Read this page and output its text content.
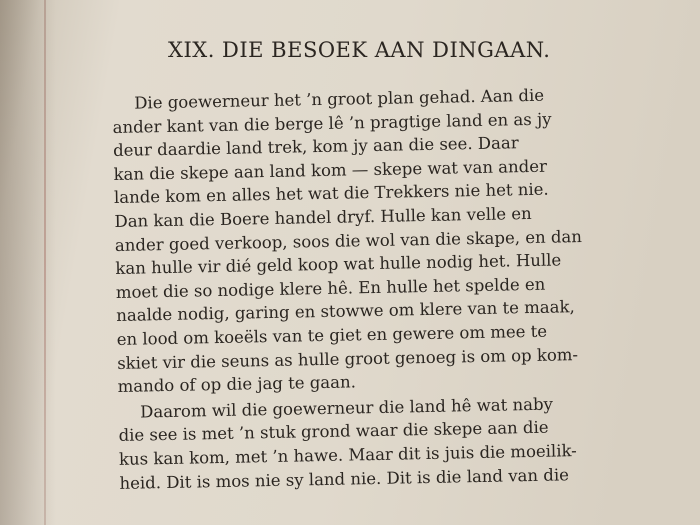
XIX. DIE BESOEK AAN DINGAAN.
Die goewerneur het ’n groot plan gehad. Aan die
ander kant van die berge lê ’n pragtige land en as jy
deur daardie land trek, kom jy aan die see. Daar
kan die skepe aan land kom — skepe wat van ander
lande kom en alles het wat die Trekkers nie het nie.
Dan kan die Boere handel dryf. Hulle kan velle en
ander goed verkoop, soos die wol van die skape, en dan
kan hulle vir dié geld koop wat hulle nodig het. Hulle
moet die so nodige klere hê. En hulle het spelde en
naalde nodig, garing en stowwe om klere van te maak,
en lood om koeëls van te giet en gewere om mee te
skiet vir die seuns as hulle groot genoeg is om op kom-
mando of op die jag te gaan.
Daarom wil die goewerneur die land hê wat naby
die see is met ’n stuk grond waar die skepe aan die
kus kan kom, met ’n hawe. Maar dit is juis die moeilik-
heid. Dit is mos nie sy land nie. Dit is die land van die
